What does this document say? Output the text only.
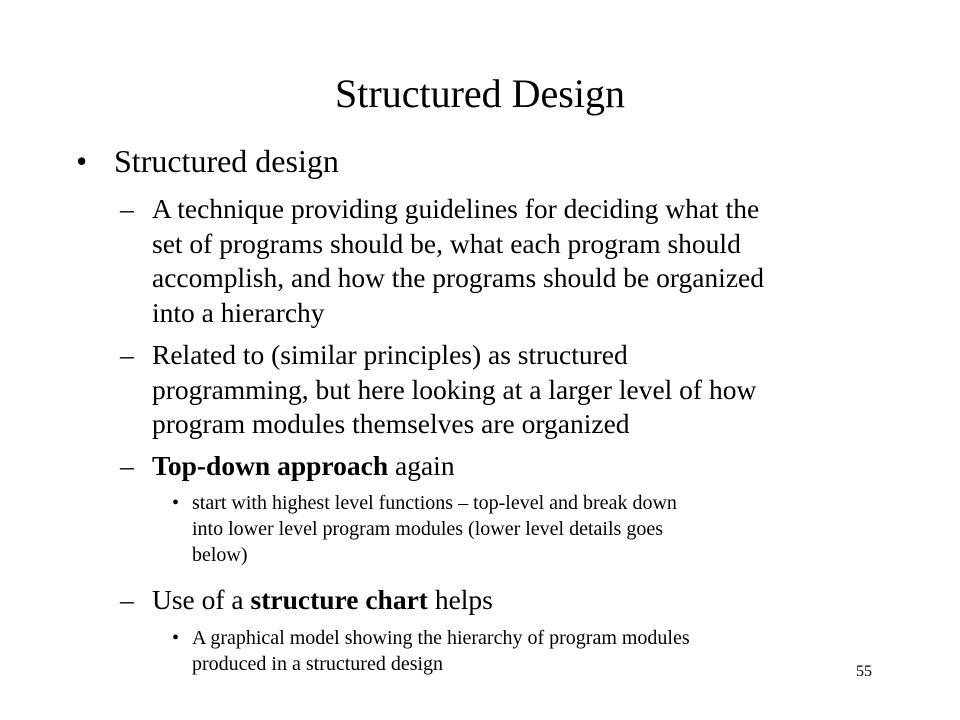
Structured Design
• Structured design
– A technique providing guidelines for deciding what the
set of programs should be, what each program should
accomplish, and how the programs should be organized
into a hierarchy
– Related to (similar principles) as structured
programming, but here looking at a larger level of how
program modules themselves are organized
– Top-down approach again
• start with highest level functions – top-level and break down
into lower level program modules (lower level details goes
below)
– Use of a structure chart helps
• A graphical model showing the hierarchy of program modules
produced in a structured design	55
